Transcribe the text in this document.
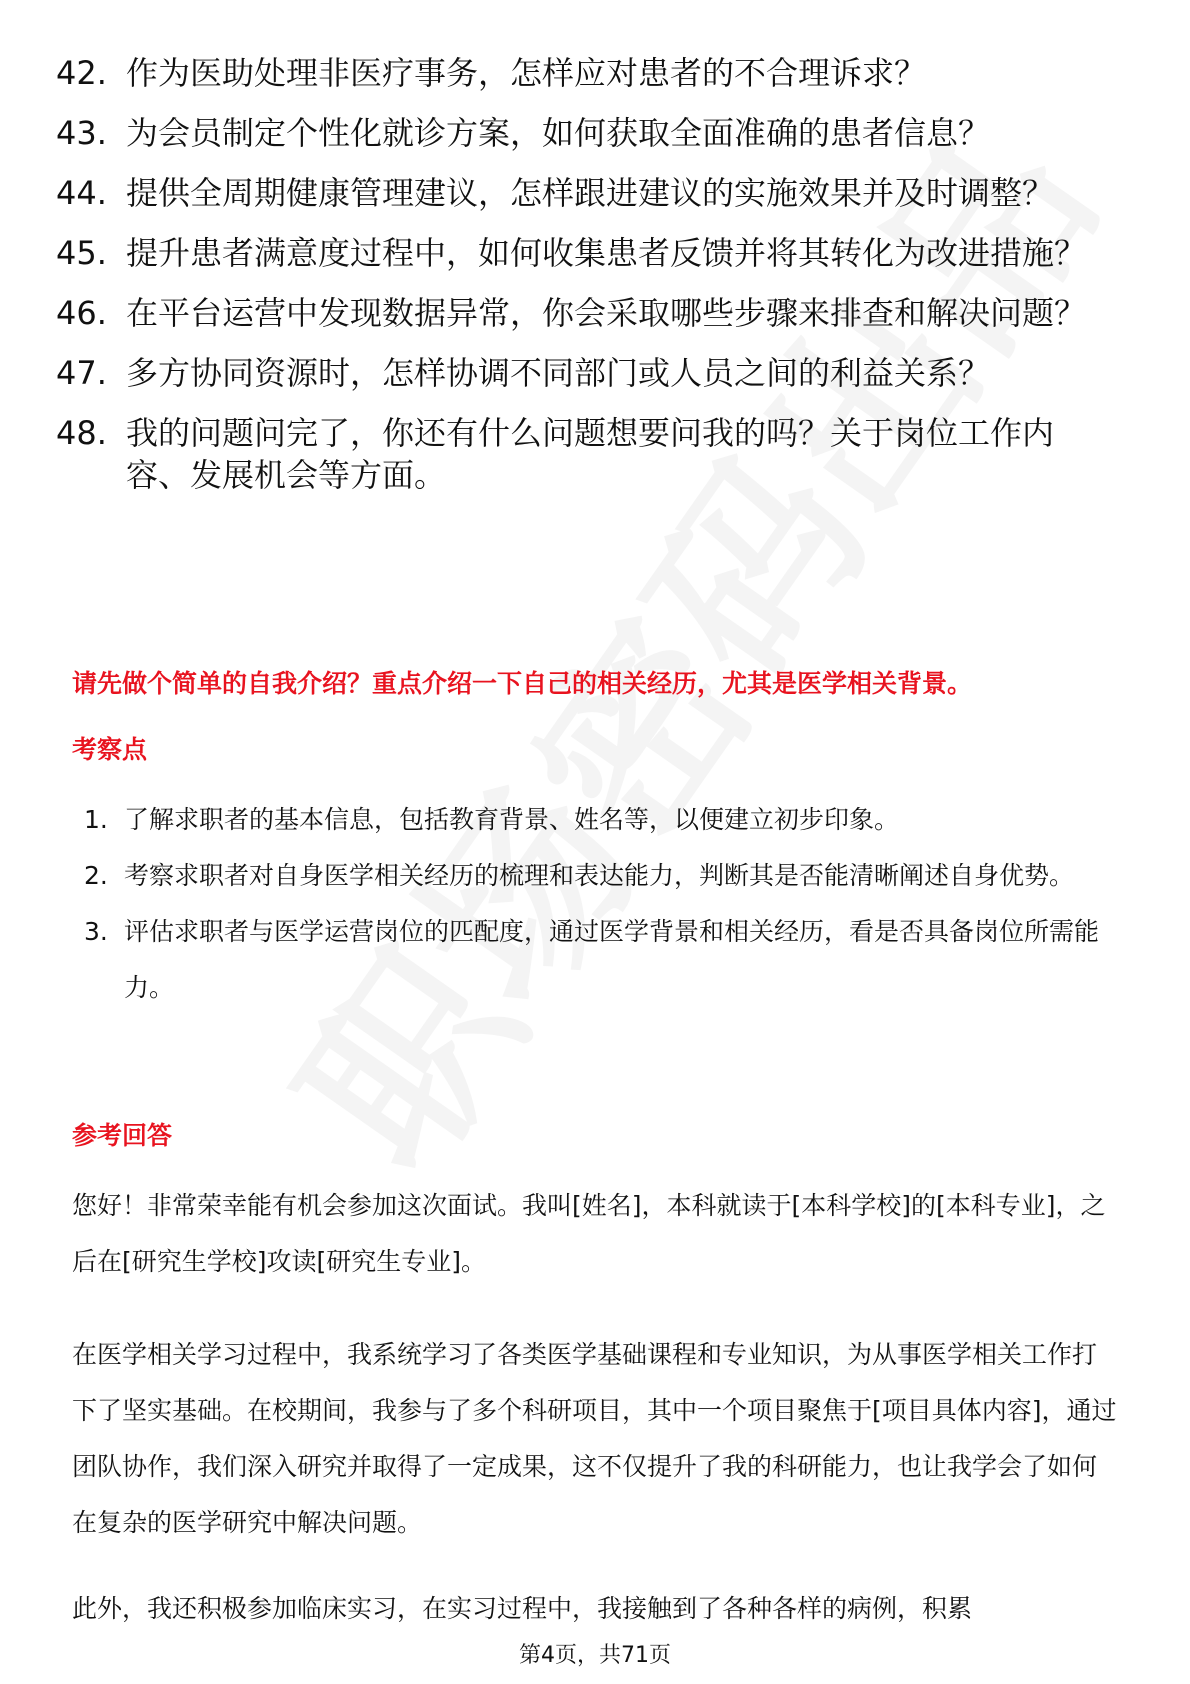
42. 作为医助处理非医疗事务，怎样应对患者的不合理诉求？
43. 为会员制定个性化就诊方案，如何获取全面准确的患者信息？
44. 提供全周期健康管理建议，怎样跟进建议的实施效果并及时调整？
45. 提升患者满意度过程中，如何收集患者反馈并将其转化为改进措施？
46. 在平台运营中发现数据异常，你会采取哪些步骤来排查和解决问题？
47. 多方协同资源时，怎样协调不同部门或人员之间的利益关系？
48. 我的问题问完了，你还有什么问题想要问我的吗？关于岗位工作内容、发展机会等方面。
请先做个简单的自我介绍？重点介绍一下自己的相关经历，尤其是医学相关背景。
考察点
1. 了解求职者的基本信息，包括教育背景、姓名等，以便建立初步印象。
2. 考察求职者对自身医学相关经历的梳理和表达能力，判断其是否能清晰阐述自身优势。
3. 评估求职者与医学运营岗位的匹配度，通过医学背景和相关经历，看是否具备岗位所需能力。
参考回答
您好！非常荣幸能有机会参加这次面试。我叫[姓名]，本科就读于[本科学校]的[本科专业]，之后在[研究生学校]攻读[研究生专业]。
在医学相关学习过程中，我系统学习了各类医学基础课程和专业知识，为从事医学相关工作打下了坚实基础。在校期间，我参与了多个科研项目，其中一个项目聚焦于[项目具体内容]，通过团队协作，我们深入研究并取得了一定成果，这不仅提升了我的科研能力，也让我学会了如何在复杂的医学研究中解决问题。
此外，我还积极参加临床实习，在实习过程中，我接触到了各种各样的病例，积累
第4页，共71页
